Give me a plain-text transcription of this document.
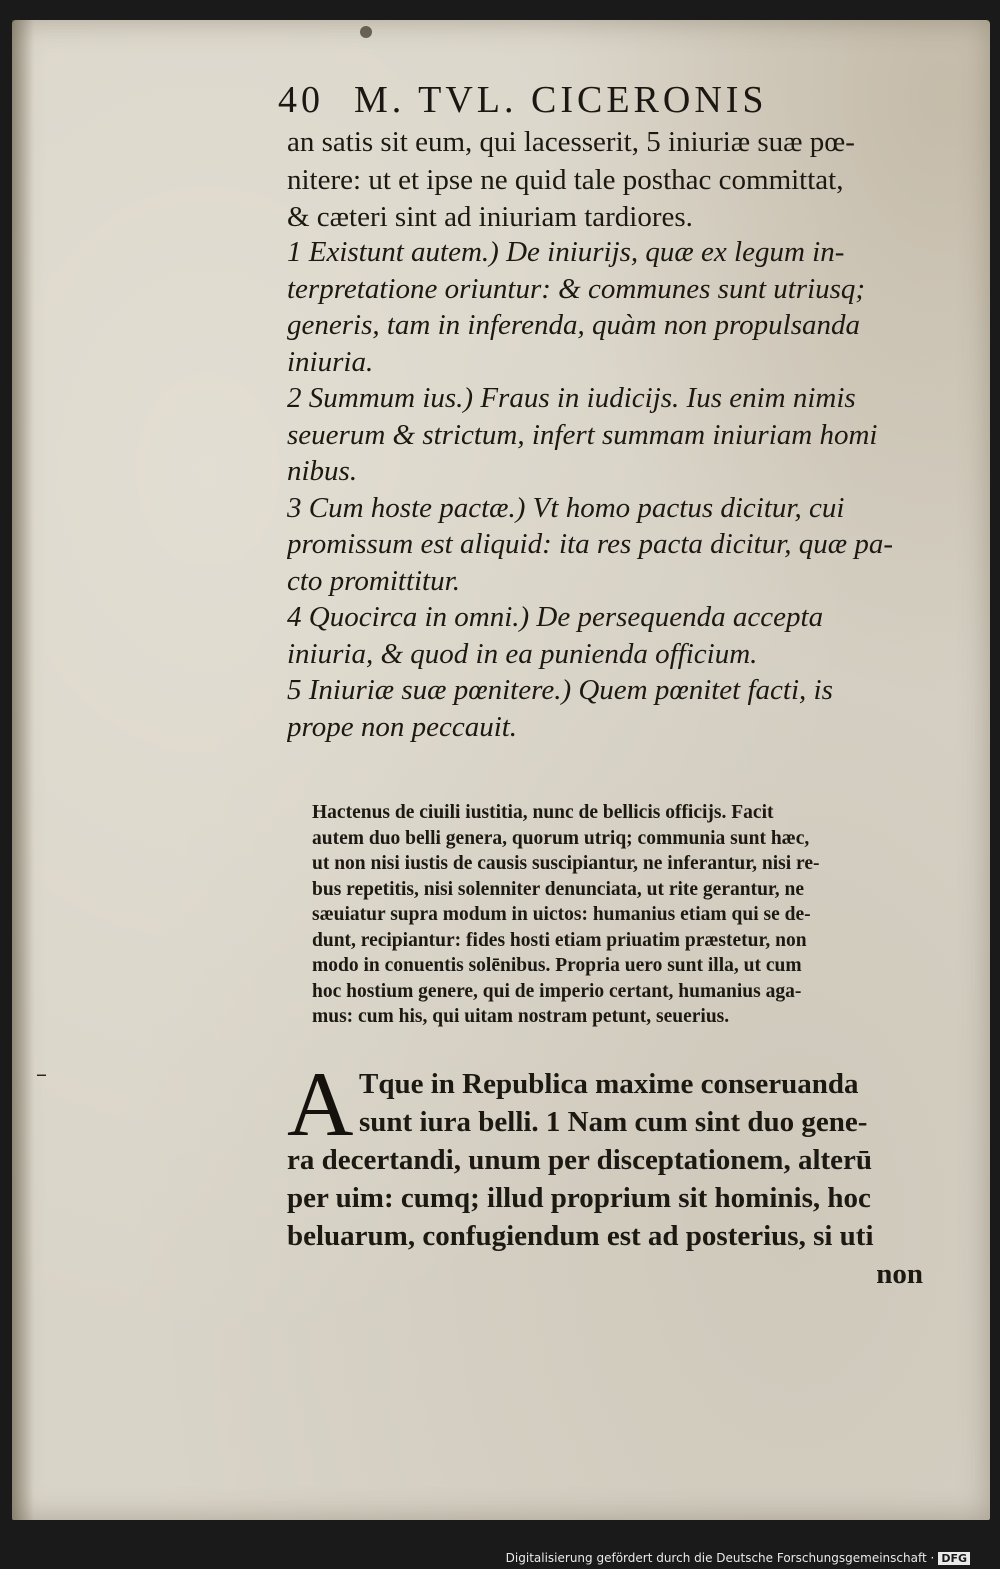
40 M. TVL. CICERONIS
an satis sit eum, qui lacesserit, 5 iniuriæ suæ pœ-
nitere: ut et ipse ne quid tale posthac committat,
& cæteri sint ad iniuriam tardiores.
1 Existunt autem.) De iniurijs, quæ ex legum in-
terpretatione oriuntur: & communes sunt utriusq;
generis, tam in inferenda, quàm non propulsanda
iniuria.
2 Summum ius.) Fraus in iudicijs. Ius enim nimis
seuerum & strictum, infert summam iniuriam homi
nibus.
3 Cum hoste pactæ.) Vt homo pactus dicitur, cui
promissum est aliquid: ita res pacta dicitur, quæ pa-
cto promittitur.
4 Quocirca in omni.) De persequenda accepta
iniuria, & quod in ea punienda officium.
5 Iniuriæ suæ pœnitere.) Quem pœnitet facti, is
prope non peccauit.
Hactenus de ciuili iustitia, nunc de bellicis officijs. Facit
autem duo belli genera, quorum utriq; communia sunt hæc,
ut non nisi iustis de causis suscipiantur, ne inferantur, nisi re-
bus repetitis, nisi solenniter denunciata, ut rite gerantur, ne
sæuiatur supra modum in uictos: humanius etiam qui se de-
dunt, recipiantur: fides hosti etiam priuatim præstetur, non
modo in conuentis solēnibus. Propria uero sunt illa, ut cum
hoc hostium genere, qui de imperio certant, humanius aga-
mus: cum his, qui uitam nostram petunt, seuerius.
–	A Tque in Republica maxime conseruanda
sunt iura belli. 1 Nam cum sint duo gene-
ra decertandi, unum per disceptationem, alterū
per uim: cumq; illud proprium sit hominis, hoc
beluarum, confugiendum est ad posterius, si uti
non
Digitalisierung gefördert durch die Deutsche Forschungsgemeinschaft · DFG
